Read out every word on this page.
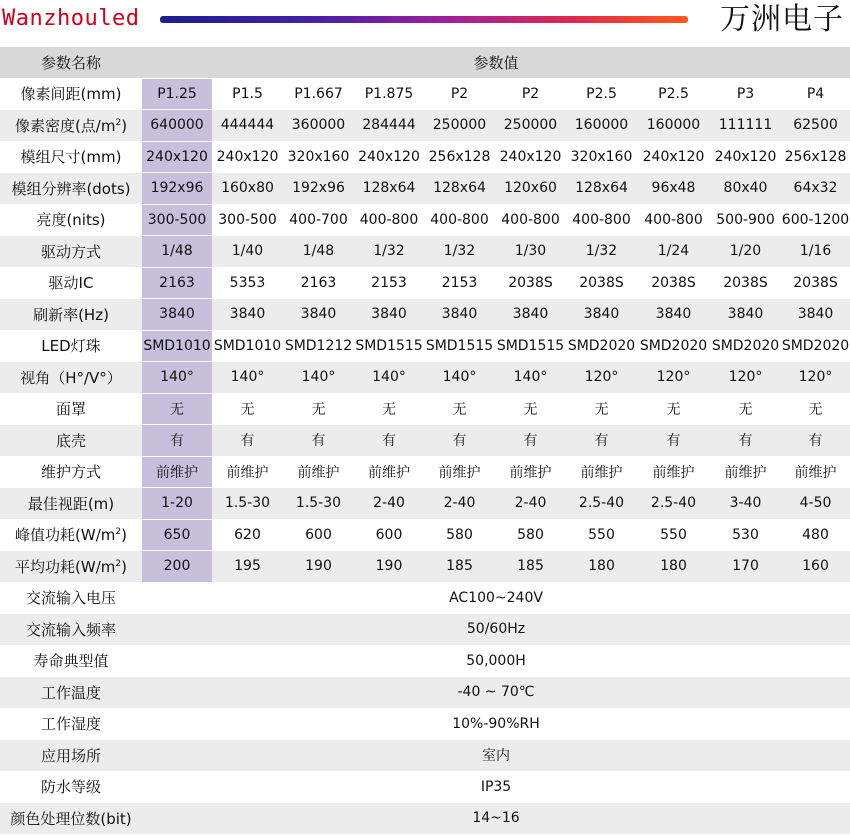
Wanzhouled	万洲电子
参数名称	参数值									
像素间距(mm)	P1.25	P1.5	P1.667	P1.875	P2	P2	P2.5	P2.5	P3	P4
像素密度(点$/m^2$)	640000	444444	360000	284444	250000	250000	160000	160000	111111	62500
模组尺寸(mm)	240x120	240x120	320x160	240x120	256x128	240x120	320x160	240x120	240x120	256x128
模组分辨率(dots)	192x96	160x80	192x96	128x64	128x64	120x60	128x64	96x48	80x40	64x32
亮度(nits)	300-500	300-500	400-700	400-800	400-800	400-800	400-800	400-800	500-900	600-1200
驱动方式	1/48	1/40	1/48	1/32	1/32	1/30	1/32	1/24	1/20	1/16
驱动IC	2163	5353	2163	2153	2153	2038S	2038S	2038S	2038S	2038S
刷新率(Hz)	3840	3840	3840	3840	3840	3840	3840	3840	3840	3840
LED灯珠	SMD1010	SMD1010	SMD1212	SMD1515	SMD1515	SMD1515	SMD2020	SMD2020	SMD2020	SMD2020
视角（H°/V°）	140°	140°	140°	140°	140°	140°	120°	120°	120°	120°
面罩	无	无	无	无	无	无	无	无	无	无
底壳	有	有	有	有	有	有	有	有	有	有
维护方式	前维护	前维护	前维护	前维护	前维护	前维护	前维护	前维护	前维护	前维护
最佳视距(m)	1-20	1.5-30	1.5-30	2-40	2-40	2-40	2.5-40	2.5-40	3-40	4-50
峰值功耗$(W/m^2)$	650	620	600	600	580	580	550	550	530	480
平均功耗$(W/m^2)$	200	195	190	190	185	185	180	180	170	160
交流输入电压	AC100~240V									
交流输入频率	50/60Hz									
寿命典型值	50,000H									
工作温度	-40 ~ 70℃									
工作湿度	10%-90%RH									
应用场所	室内									
防水等级	IP35									
颜色处理位数(bit)	14~16									
